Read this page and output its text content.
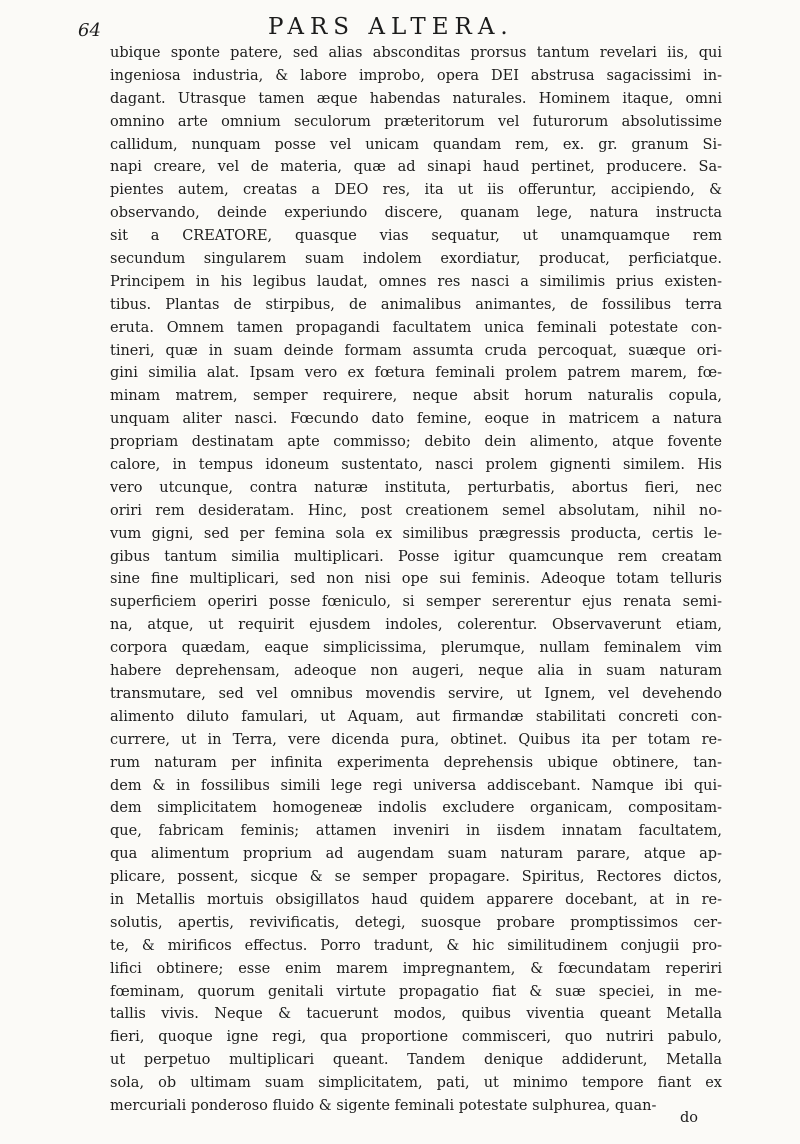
64	PARS ALTERA.
ubique sponte patere, sed alias absconditas prorsus tantum revelari iis, qui
ingeniosa industria, & labore improbo, opera DEI abstrusa sagacissimi in-
dagant. Utrasque tamen æque habendas naturales. Hominem itaque, omni
omnino arte omnium seculorum præteritorum vel futurorum absolutissime
callidum, nunquam posse vel unicam quandam rem, ex. gr. granum Si-
napi creare, vel de materia, quæ ad sinapi haud pertinet, producere. Sa-
pientes autem, creatas a DEO res, ita ut iis offeruntur, accipiendo, &
observando, deinde experiundo discere, quanam lege, natura instructa
sit a CREATORE, quasque vias sequatur, ut unamquamque rem
secundum singularem suam indolem exordiatur, producat, perficiatque.
Principem in his legibus laudat, omnes res nasci a similimis prius existen-
tibus. Plantas de stirpibus, de animalibus animantes, de fossilibus terra
eruta. Omnem tamen propagandi facultatem unica feminali potestate con-
tineri, quæ in suam deinde formam assumta cruda percoquat, suæque ori-
gini similia alat. Ipsam vero ex fœtura feminali prolem patrem marem, fœ-
minam matrem, semper requirere, neque absit horum naturalis copula,
unquam aliter nasci. Fœcundo dato femine, eoque in matricem a natura
propriam destinatam apte commisso; debito dein alimento, atque fovente
calore, in tempus idoneum sustentato, nasci prolem gignenti similem. His
vero utcunque, contra naturæ instituta, perturbatis, abortus fieri, nec
oriri rem desideratam. Hinc, post creationem semel absolutam, nihil no-
vum gigni, sed per femina sola ex similibus prægressis producta, certis le-
gibus tantum similia multiplicari. Posse igitur quamcunque rem creatam
sine fine multiplicari, sed non nisi ope sui feminis. Adeoque totam telluris
superficiem operiri posse fœniculo, si semper sererentur ejus renata semi-
na, atque, ut requirit ejusdem indoles, colerentur. Observaverunt etiam,
corpora quædam, eaque simplicissima, plerumque, nullam feminalem vim
habere deprehensam, adeoque non augeri, neque alia in suam naturam
transmutare, sed vel omnibus movendis servire, ut Ignem, vel devehendo
alimento diluto famulari, ut Aquam, aut firmandæ stabilitati concreti con-
currere, ut in Terra, vere dicenda pura, obtinet. Quibus ita per totam re-
rum naturam per infinita experimenta deprehensis ubique obtinere, tan-
dem & in fossilibus simili lege regi universa addiscebant. Namque ibi qui-
dem simplicitatem homogeneæ indolis excludere organicam, compositam-
que, fabricam feminis; attamen inveniri in iisdem innatam facultatem,
qua alimentum proprium ad augendam suam naturam parare, atque ap-
plicare, possent, sicque & se semper propagare. Spiritus, Rectores dictos,
in Metallis mortuis obsigillatos haud quidem apparere docebant, at in re-
solutis, apertis, revivificatis, detegi, suosque probare promptissimos cer-
te, & mirificos effectus. Porro tradunt, & hic similitudinem conjugii pro-
lifici obtinere; esse enim marem impregnantem, & fœcundatam reperiri
fœminam, quorum genitali virtute propagatio fiat & suæ speciei, in me-
tallis vivis. Neque & tacuerunt modos, quibus viventia queant Metalla
fieri, quoque igne regi, qua proportione commisceri, quo nutriri pabulo,
ut perpetuo multiplicari queant. Tandem denique addiderunt, Metalla
sola, ob ultimam suam simplicitatem, pati, ut minimo tempore fiant ex
mercuriali ponderoso fluido & sigente feminali potestate sulphurea, quan-
do
